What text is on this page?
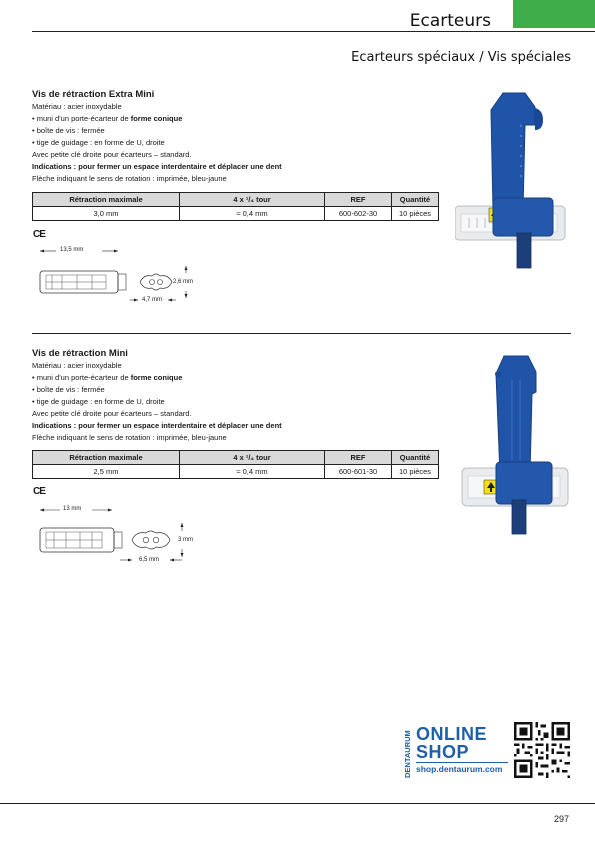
Ecarteurs
Ecarteurs spéciaux / Vis spéciales
Vis de rétraction Extra Mini
Matériau : acier inoxydable
• muni d'un porte-écarteur de forme conique
• boîte de vis : fermée
• tige de guidage : en forme de U, droite
Avec petite clé droite pour écarteurs – standard.
Indications : pour fermer un espace interdentaire et déplacer une dent
Flèche indiquant le sens de rotation : imprimée, bleu-jaune
Rétraction maximale	4 x ¹/₄ tour	REF	Quantité
3,0 mm	≈ 0,4 mm	600-602-30	10 pièces
CE
13,5 mm
2,6 mm
4,7 mm
Vis de rétraction Mini
Matériau : acier inoxydable
• muni d'un porte-écarteur de forme conique
• boîte de vis : fermée
• tige de guidage : en forme de U, droite
Avec petite clé droite pour écarteurs – standard.
Indications : pour fermer un espace interdentaire et déplacer une dent
Flèche indiquant le sens de rotation : imprimée, bleu-jaune
Rétraction maximale	4 x ¹/₄ tour	REF	Quantité
2,5 mm	≈ 0,4 mm	600-601-30	10 pièces
CE
13 mm
3 mm
6,5 mm
DENTAURUM ONLINE
SHOP
shop.dentaurum.com
297
